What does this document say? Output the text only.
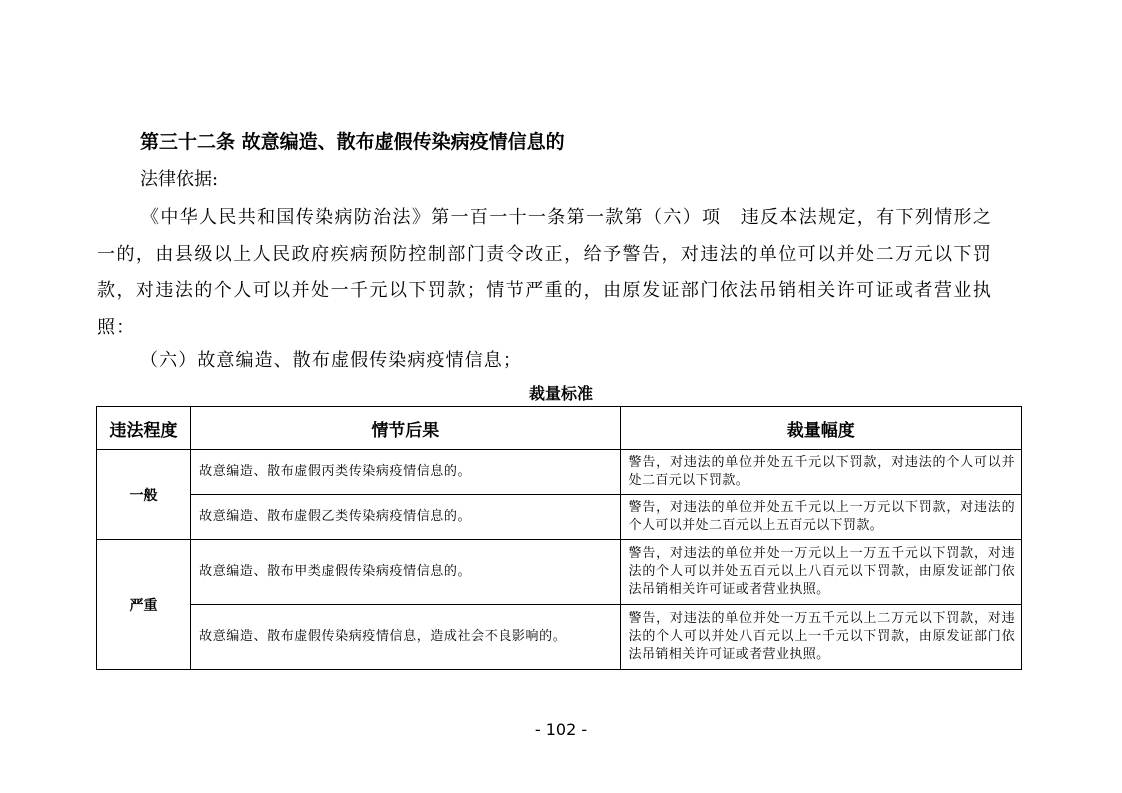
第三十二条 故意编造、散布虚假传染病疫情信息的

法律依据:

《中华人民共和国传染病防治法》第一百一十一条第一款第（六）项　违反本法规定，有下列情形之一的，由县级以上人民政府疾病预防控制部门责令改正，给予警告，对违法的单位可以并处二万元以下罚款，对违法的个人可以并处一千元以下罚款；情节严重的，由原发证部门依法吊销相关许可证或者营业执照：

（六）故意编造、散布虚假传染病疫情信息；

裁量标准

违法程度	情节后果	裁量幅度
一般	故意编造、散布虚假丙类传染病疫情信息的。	警告，对违法的单位并处五千元以下罚款，对违法的个人可以并处二百元以下罚款。
	故意编造、散布虚假乙类传染病疫情信息的。	警告，对违法的单位并处五千元以上一万元以下罚款，对违法的个人可以并处二百元以上五百元以下罚款。
严重	故意编造、散布甲类虚假传染病疫情信息的。	警告，对违法的单位并处一万元以上一万五千元以下罚款，对违法的个人可以并处五百元以上八百元以下罚款，由原发证部门依法吊销相关许可证或者营业执照。
	故意编造、散布虚假传染病疫情信息，造成社会不良影响的。	警告，对违法的单位并处一万五千元以上二万元以下罚款，对违法的个人可以并处八百元以上一千元以下罚款，由原发证部门依法吊销相关许可证或者营业执照。

- 102 -
